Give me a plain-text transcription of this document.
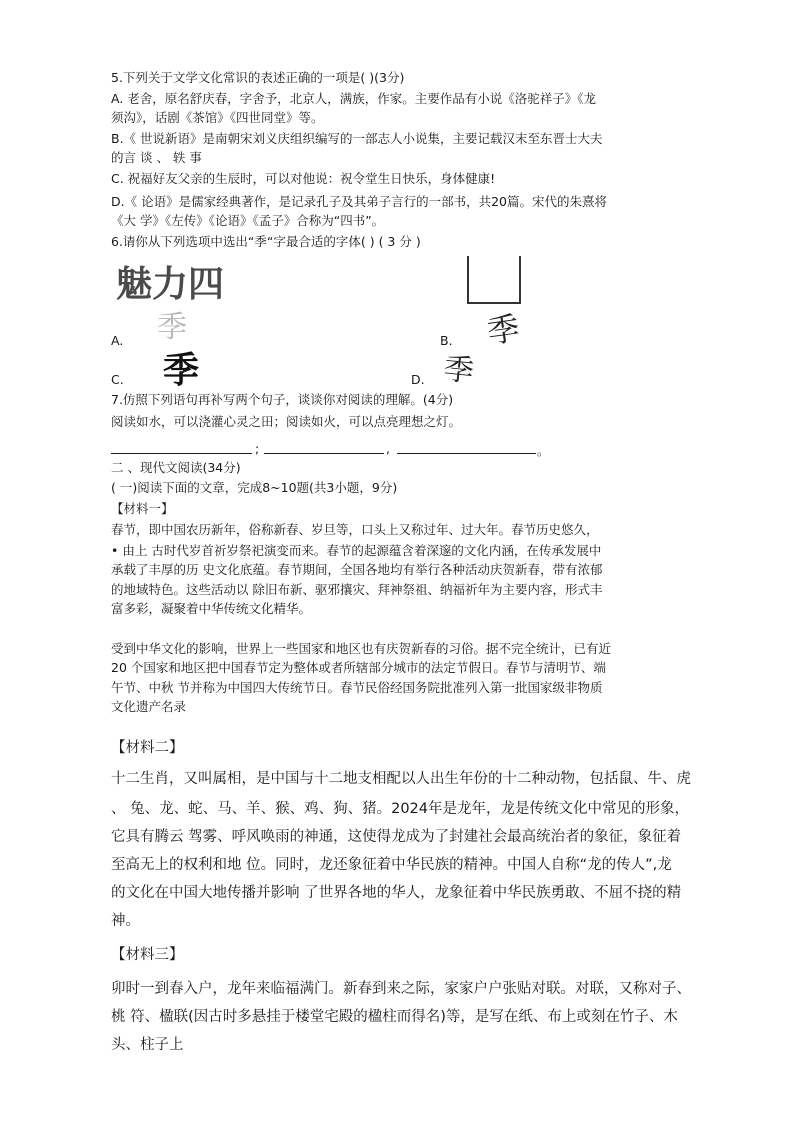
5.下列关于文学文化常识的表述正确的一项是( )(3分)
A. 老舍，原名舒庆春，字舍予，北京人，满族，作家。主要作品有小说《洛驼祥子》《龙
须沟》，话剧《茶馆》《四世同堂》等。
B.《 世说新语》是南朝宋刘义庆组织编写的一部志人小说集，主要记载汉末至东晋士大夫
的言 谈 、 轶 事
C. 祝福好友父亲的生辰时，可以对他说：祝令堂生日快乐，身体健康!
D.《 论语》是儒家经典著作，是记录孔子及其弟子言行的一部书，共20篇。宋代的朱熹将
《大 学》《左传》《论语》《孟子》合称为“四书”。
6.请你从下列选项中选出“季“字最合适的字体( ) ( 3 分 )
魅力四
A. 季	B. 季
C. 季	D. 季
7.仿照下列语句再补写两个句子，谈谈你对阅读的理解。(4分)
阅读如水，可以浇灌心灵之田；阅读如火，可以点亮理想之灯。
;	,	。
二 、现代文阅读(34分)
( 一)阅读下面的文章，完成8~10题(共3小题，9分)
【材料一】
春节，即中国农历新年，俗称新春、岁旦等，口头上又称过年、过大年。春节历史悠久，
• 由上 古时代岁首祈岁祭祀演变而来。春节的起源蕴含着深邃的文化内涵，在传承发展中
承载了丰厚的历 史文化底蕴。春节期间，全国各地均有举行各种活动庆贺新春，带有浓郁
的地域特色。这些活动以 除旧布新、驱邪攘灾、拜神祭祖、纳福祈年为主要内容，形式丰
富多彩，凝聚着中华传统文化精华。
受到中华文化的影响，世界上一些国家和地区也有庆贺新春的习俗。据不完全统计，已有近
20 个国家和地区把中国春节定为整体或者所辖部分城市的法定节假日。春节与清明节、端
午节、中秋 节并称为中国四大传统节日。春节民俗经国务院批准列入第一批国家级非物质
文化遗产名录
【材料二】
十二生肖，又叫属相，是中国与十二地支相配以人出生年份的十二种动物，包括鼠、牛、虎
、 兔、龙、蛇、马、羊、猴、鸡、狗、猪。2024年是龙年，龙是传统文化中常见的形象，
它具有腾云 驾雾、呼风唤雨的神通，这使得龙成为了封建社会最高统治者的象征，象征着
至高无上的权利和地 位。同时，龙还象征着中华民族的精神。中国人自称“龙的传人”,龙
的文化在中国大地传播并影响 了世界各地的华人，龙象征着中华民族勇敢、不屈不挠的精
神。
【材料三】
卯时一到春入户，龙年来临福满门。新春到来之际，家家户户张贴对联。对联，又称对子、
桃 符、楹联(因古时多悬挂于楼堂宅殿的楹柱而得名)等，是写在纸、布上或刻在竹子、木
头、柱子上
